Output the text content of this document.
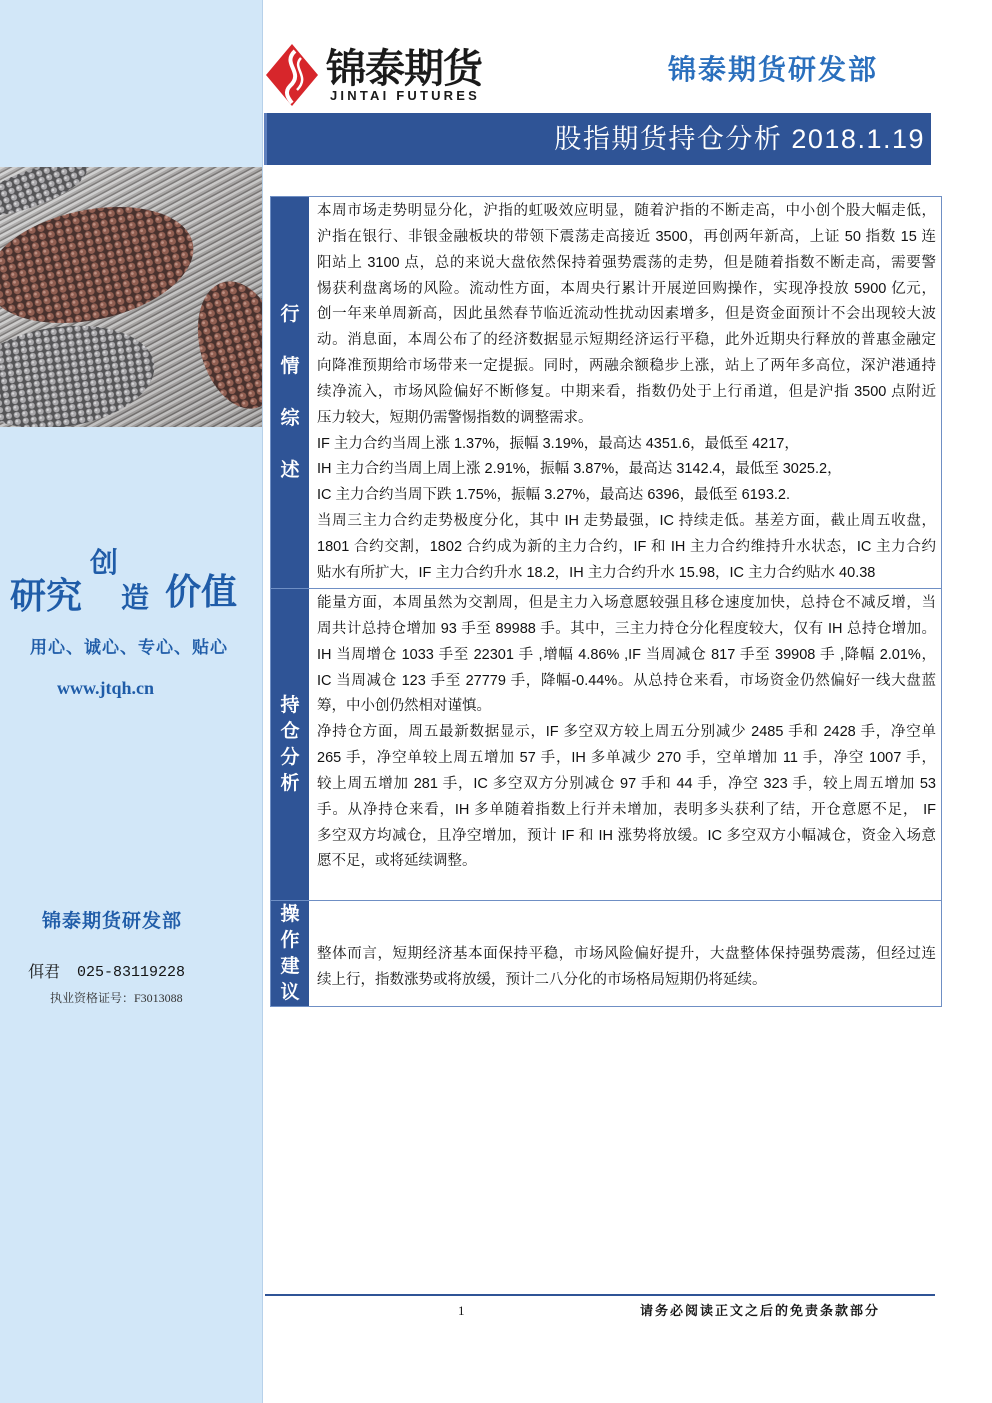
研究
创
造 价值
用心、诚心、专心、贴心
www.jtqh.cn
锦泰期货研发部
佴君 025-83119228
执业资格证号：F3013088
锦泰期货
JINTAI FUTURES
锦泰期货研发部
股指期货持仓分析 2018.1.19
行
情
综
述
本周市场走势明显分化，沪指的虹吸效应明显，随着沪指的不断走高，中小创个股大幅走低，
沪指在银行、非银金融板块的带领下震荡走高接近 3500，再创两年新高，上证 50 指数 15 连
阳站上 3100 点，总的来说大盘依然保持着强势震荡的走势，但是随着指数不断走高，需要警
惕获利盘离场的风险。流动性方面，本周央行累计开展逆回购操作，实现净投放 5900 亿元，
创一年来单周新高，因此虽然春节临近流动性扰动因素增多，但是资金面预计不会出现较大波
动。消息面，本周公布了的经济数据显示短期经济运行平稳，此外近期央行释放的普惠金融定
向降准预期给市场带来一定提振。同时，两融余额稳步上涨，站上了两年多高位，深沪港通持
续净流入，市场风险偏好不断修复。中期来看，指数仍处于上行甬道，但是沪指 3500 点附近
压力较大，短期仍需警惕指数的调整需求。
IF 主力合约当周上涨 1.37%，振幅 3.19%，最高达 4351.6，最低至 4217，
IH 主力合约当周上周上涨 2.91%，振幅 3.87%，最高达 3142.4，最低至 3025.2，
IC 主力合约当周下跌 1.75%，振幅 3.27%，最高达 6396，最低至 6193.2.
当周三主力合约走势极度分化，其中 IH 走势最强，IC 持续走低。基差方面，截止周五收盘，
1801 合约交割，1802 合约成为新的主力合约，IF 和 IH 主力合约维持升水状态，IC 主力合约
贴水有所扩大，IF 主力合约升水 18.2，IH 主力合约升水 15.98，IC 主力合约贴水 40.38
持
仓
分
析
能量方面，本周虽然为交割周，但是主力入场意愿较强且移仓速度加快，总持仓不减反增，当
周共计总持仓增加 93 手至 89988 手。其中，三主力持仓分化程度较大，仅有 IH 总持仓增加。
IH 当周增仓 1033 手至 22301 手 ,增幅 4.86% ,IF 当周减仓 817 手至 39908 手 ,降幅 2.01%，
IC 当周减仓 123 手至 27779 手，降幅-0.44%。从总持仓来看，市场资金仍然偏好一线大盘蓝
筹，中小创仍然相对谨慎。
净持仓方面，周五最新数据显示，IF 多空双方较上周五分别减少 2485 手和 2428 手，净空单
265 手，净空单较上周五增加 57 手，IH 多单减少 270 手，空单增加 11 手，净空 1007 手，
较上周五增加 281 手，IC 多空双方分别减仓 97 手和 44 手，净空 323 手，较上周五增加 53
手。从净持仓来看，IH 多单随着指数上行并未增加，表明多头获利了结，开仓意愿不足， IF
多空双方均减仓，且净空增加，预计 IF 和 IH 涨势将放缓。IC 多空双方小幅减仓，资金入场意
愿不足，或将延续调整。
操
作
建
议
整体而言，短期经济基本面保持平稳，市场风险偏好提升，大盘整体保持强势震荡，但经过连
续上行，指数涨势或将放缓，预计二八分化的市场格局短期仍将延续。
1	请务必阅读正文之后的免责条款部分
